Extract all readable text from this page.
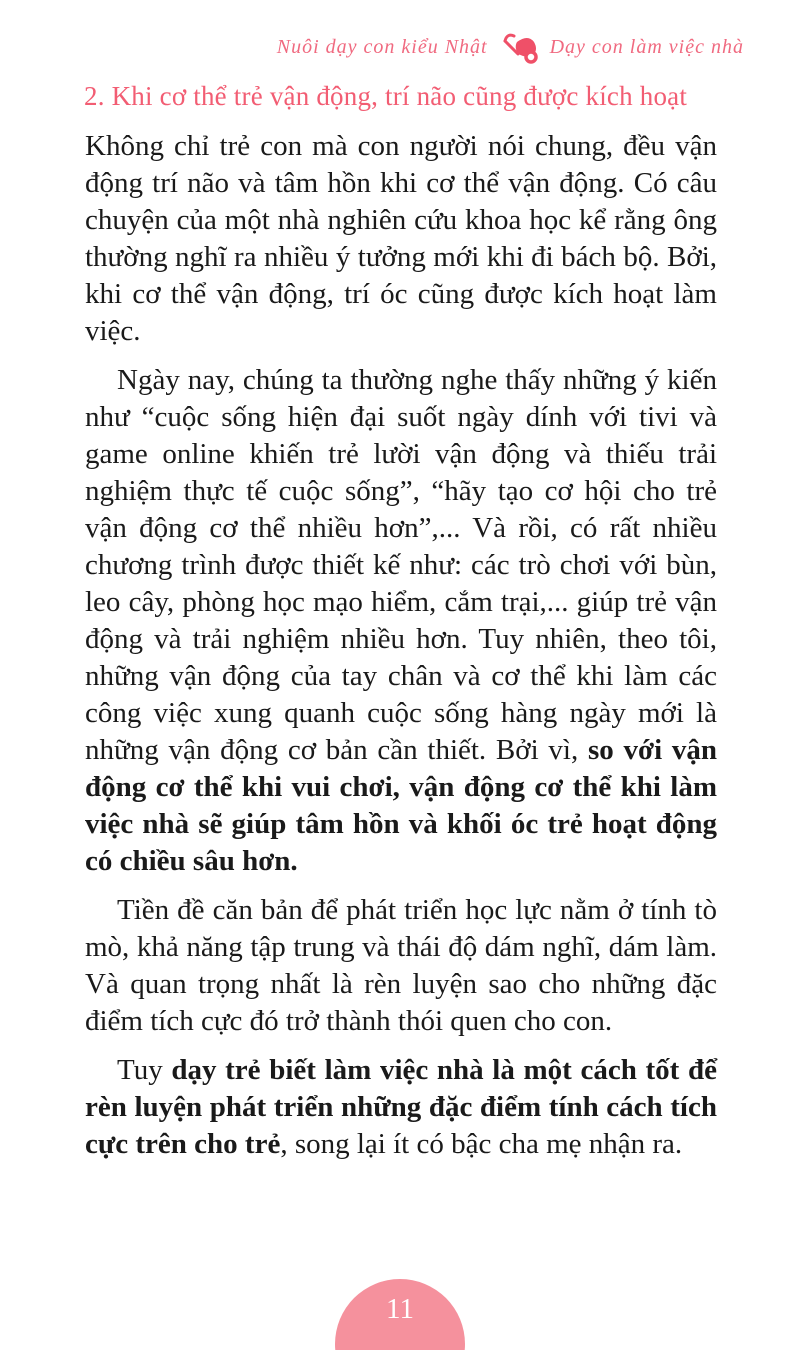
Nuôi dạy con kiểu Nhật	Dạy con làm việc nhà
2. Khi cơ thể trẻ vận động, trí não cũng được kích hoạt

Không chỉ trẻ con mà con người nói chung, đều vận động trí não và tâm hồn khi cơ thể vận động. Có câu chuyện của một nhà nghiên cứu khoa học kể rằng ông thường nghĩ ra nhiều ý tưởng mới khi đi bách bộ. Bởi, khi cơ thể vận động, trí óc cũng được kích hoạt làm việc.

Ngày nay, chúng ta thường nghe thấy những ý kiến như “cuộc sống hiện đại suốt ngày dính với tivi và game online khiến trẻ lười vận động và thiếu trải nghiệm thực tế cuộc sống”, “hãy tạo cơ hội cho trẻ vận động cơ thể nhiều hơn”,... Và rồi, có rất nhiều chương trình được thiết kế như: các trò chơi với bùn, leo cây, phòng học mạo hiểm, cắm trại,... giúp trẻ vận động và trải nghiệm nhiều hơn. Tuy nhiên, theo tôi, những vận động của tay chân và cơ thể khi làm các công việc xung quanh cuộc sống hàng ngày mới là những vận động cơ bản cần thiết. Bởi vì, so với vận động cơ thể khi vui chơi, vận động cơ thể khi làm việc nhà sẽ giúp tâm hồn và khối óc trẻ hoạt động có chiều sâu hơn.

Tiền đề căn bản để phát triển học lực nằm ở tính tò mò, khả năng tập trung và thái độ dám nghĩ, dám làm. Và quan trọng nhất là rèn luyện sao cho những đặc điểm tích cực đó trở thành thói quen cho con.

Tuy dạy trẻ biết làm việc nhà là một cách tốt để rèn luyện phát triển những đặc điểm tính cách tích cực trên cho trẻ, song lại ít có bậc cha mẹ nhận ra.

11
